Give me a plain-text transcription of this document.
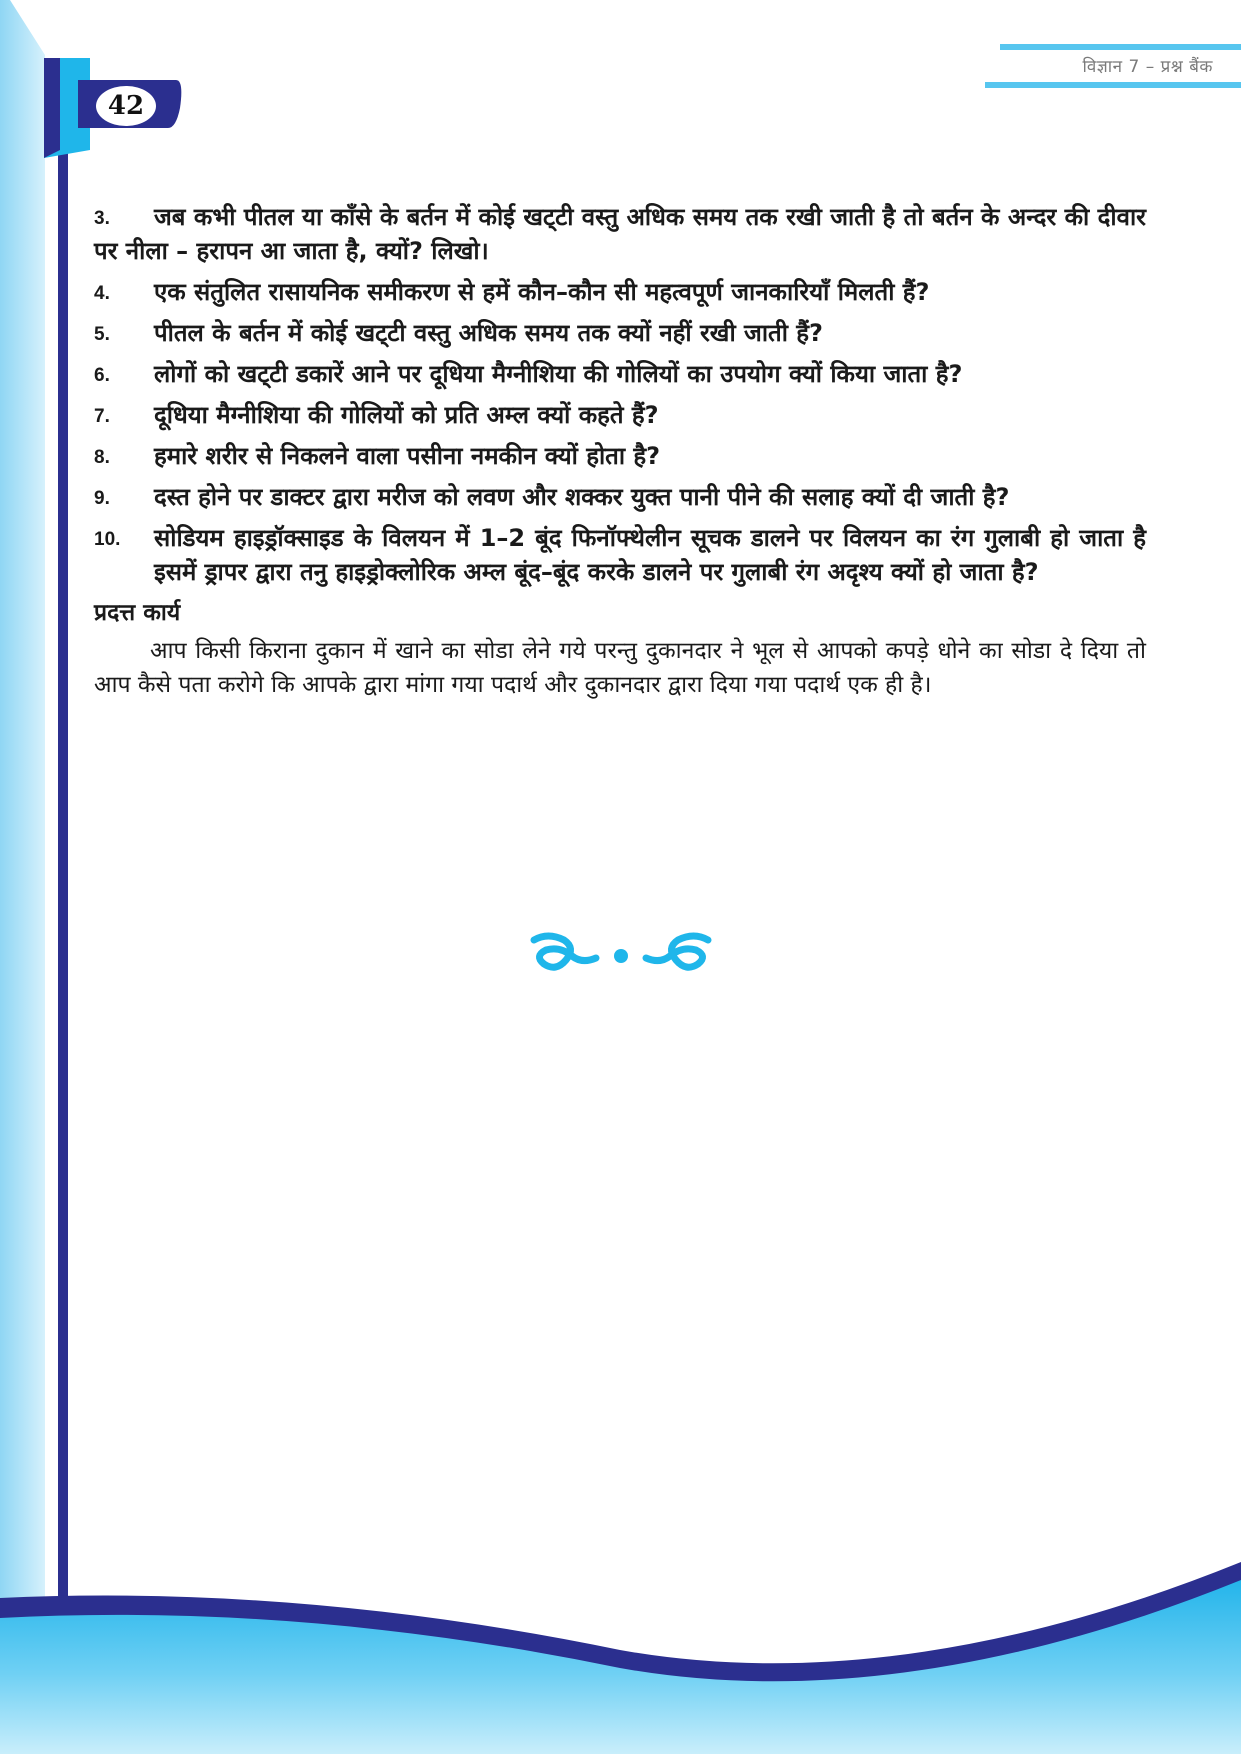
42
विज्ञान 7 – प्रश्न बैंक
3. जब कभी पीतल या काँसे के बर्तन में कोई खट्‌टी वस्तु अधिक समय तक रखी जाती है तो बर्तन के अन्दर की दीवार पर नीला – हरापन आ जाता है, क्यों? लिखो।
4. एक संतुलित रासायनिक समीकरण से हमें कौन–कौन सी महत्वपूर्ण जानकारियाँ मिलती हैं?
5. पीतल के बर्तन में कोई खट्‌टी वस्तु अधिक समय तक क्यों नहीं रखी जाती हैं?
6. लोगों को खट्‌टी डकारें आने पर दूधिया मैग्नीशिया की गोलियों का उपयोग क्यों किया जाता है?
7. दूधिया मैग्नीशिया की गोलियों को प्रति अम्ल क्यों कहते हैं?
8. हमारे शरीर से निकलने वाला पसीना नमकीन क्यों होता है?
9. दस्त होने पर डाक्टर द्वारा मरीज को लवण और शक्कर युक्त पानी पीने की सलाह क्यों दी जाती है?
10. सोडियम हाइड्रॉक्साइड के विलयन में 1–2 बूंद फिनॉफ्थेलीन सूचक डालने पर विलयन का रंग गुलाबी हो जाता है इसमें ड्रापर द्वारा तनु हाइड्रोक्लोरिक अम्ल बूंद–बूंद करके डालने पर गुलाबी रंग अदृश्य क्यों हो जाता है?
प्रदत्त कार्य
आप किसी किराना दुकान में खाने का सोडा लेने गये परन्तु दुकानदार ने भूल से आपको कपड़े धोने का सोडा दे दिया तो आप कैसे पता करोगे कि आपके द्वारा मांगा गया पदार्थ और दुकानदार द्वारा दिया गया पदार्थ एक ही है।
